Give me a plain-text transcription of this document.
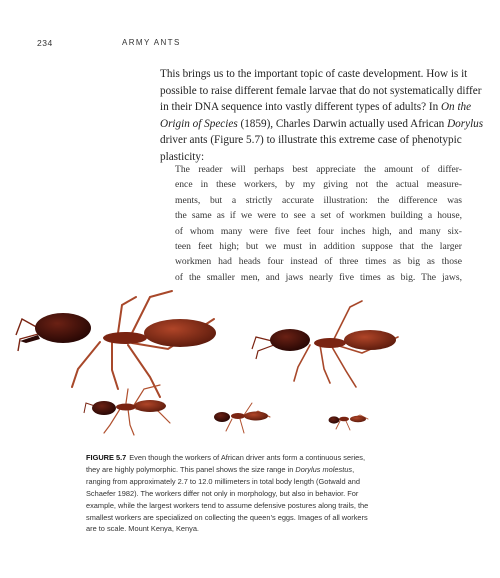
234	ARMY ANTS
This brings us to the important topic of caste development. How is it
possible to raise different female larvae that do not systematically differ
in their DNA sequence into vastly different types of adults? In On the
Origin of Species (1859), Charles Darwin actually used African Dorylus
driver ants (Figure 5.7) to illustrate this extreme case of phenotypic
plasticity:
The reader will perhaps best appreciate the amount of differ-
ence in these workers, by my giving not the actual measure-
ments, but a strictly accurate illustration: the difference was
the same as if we were to see a set of workmen building a house,
of whom many were five feet four inches high, and many six-
teen feet high; but we must in addition suppose that the larger
workmen had heads four instead of three times as big as those
of the smaller men, and jaws nearly five times as big. The jaws,
FIGURE 5.7 Even though the workers of African driver ants form a continuous series,
they are highly polymorphic. This panel shows the size range in Dorylus molestus,
ranging from approximately 2.7 to 12.0 millimeters in total body length (Gotwald and
Schaefer 1982). The workers differ not only in morphology, but also in behavior. For
example, while the largest workers tend to assume defensive postures along trails, the
smallest workers are specialized on collecting the queen’s eggs. Images of all workers
are to scale. Mount Kenya, Kenya.
